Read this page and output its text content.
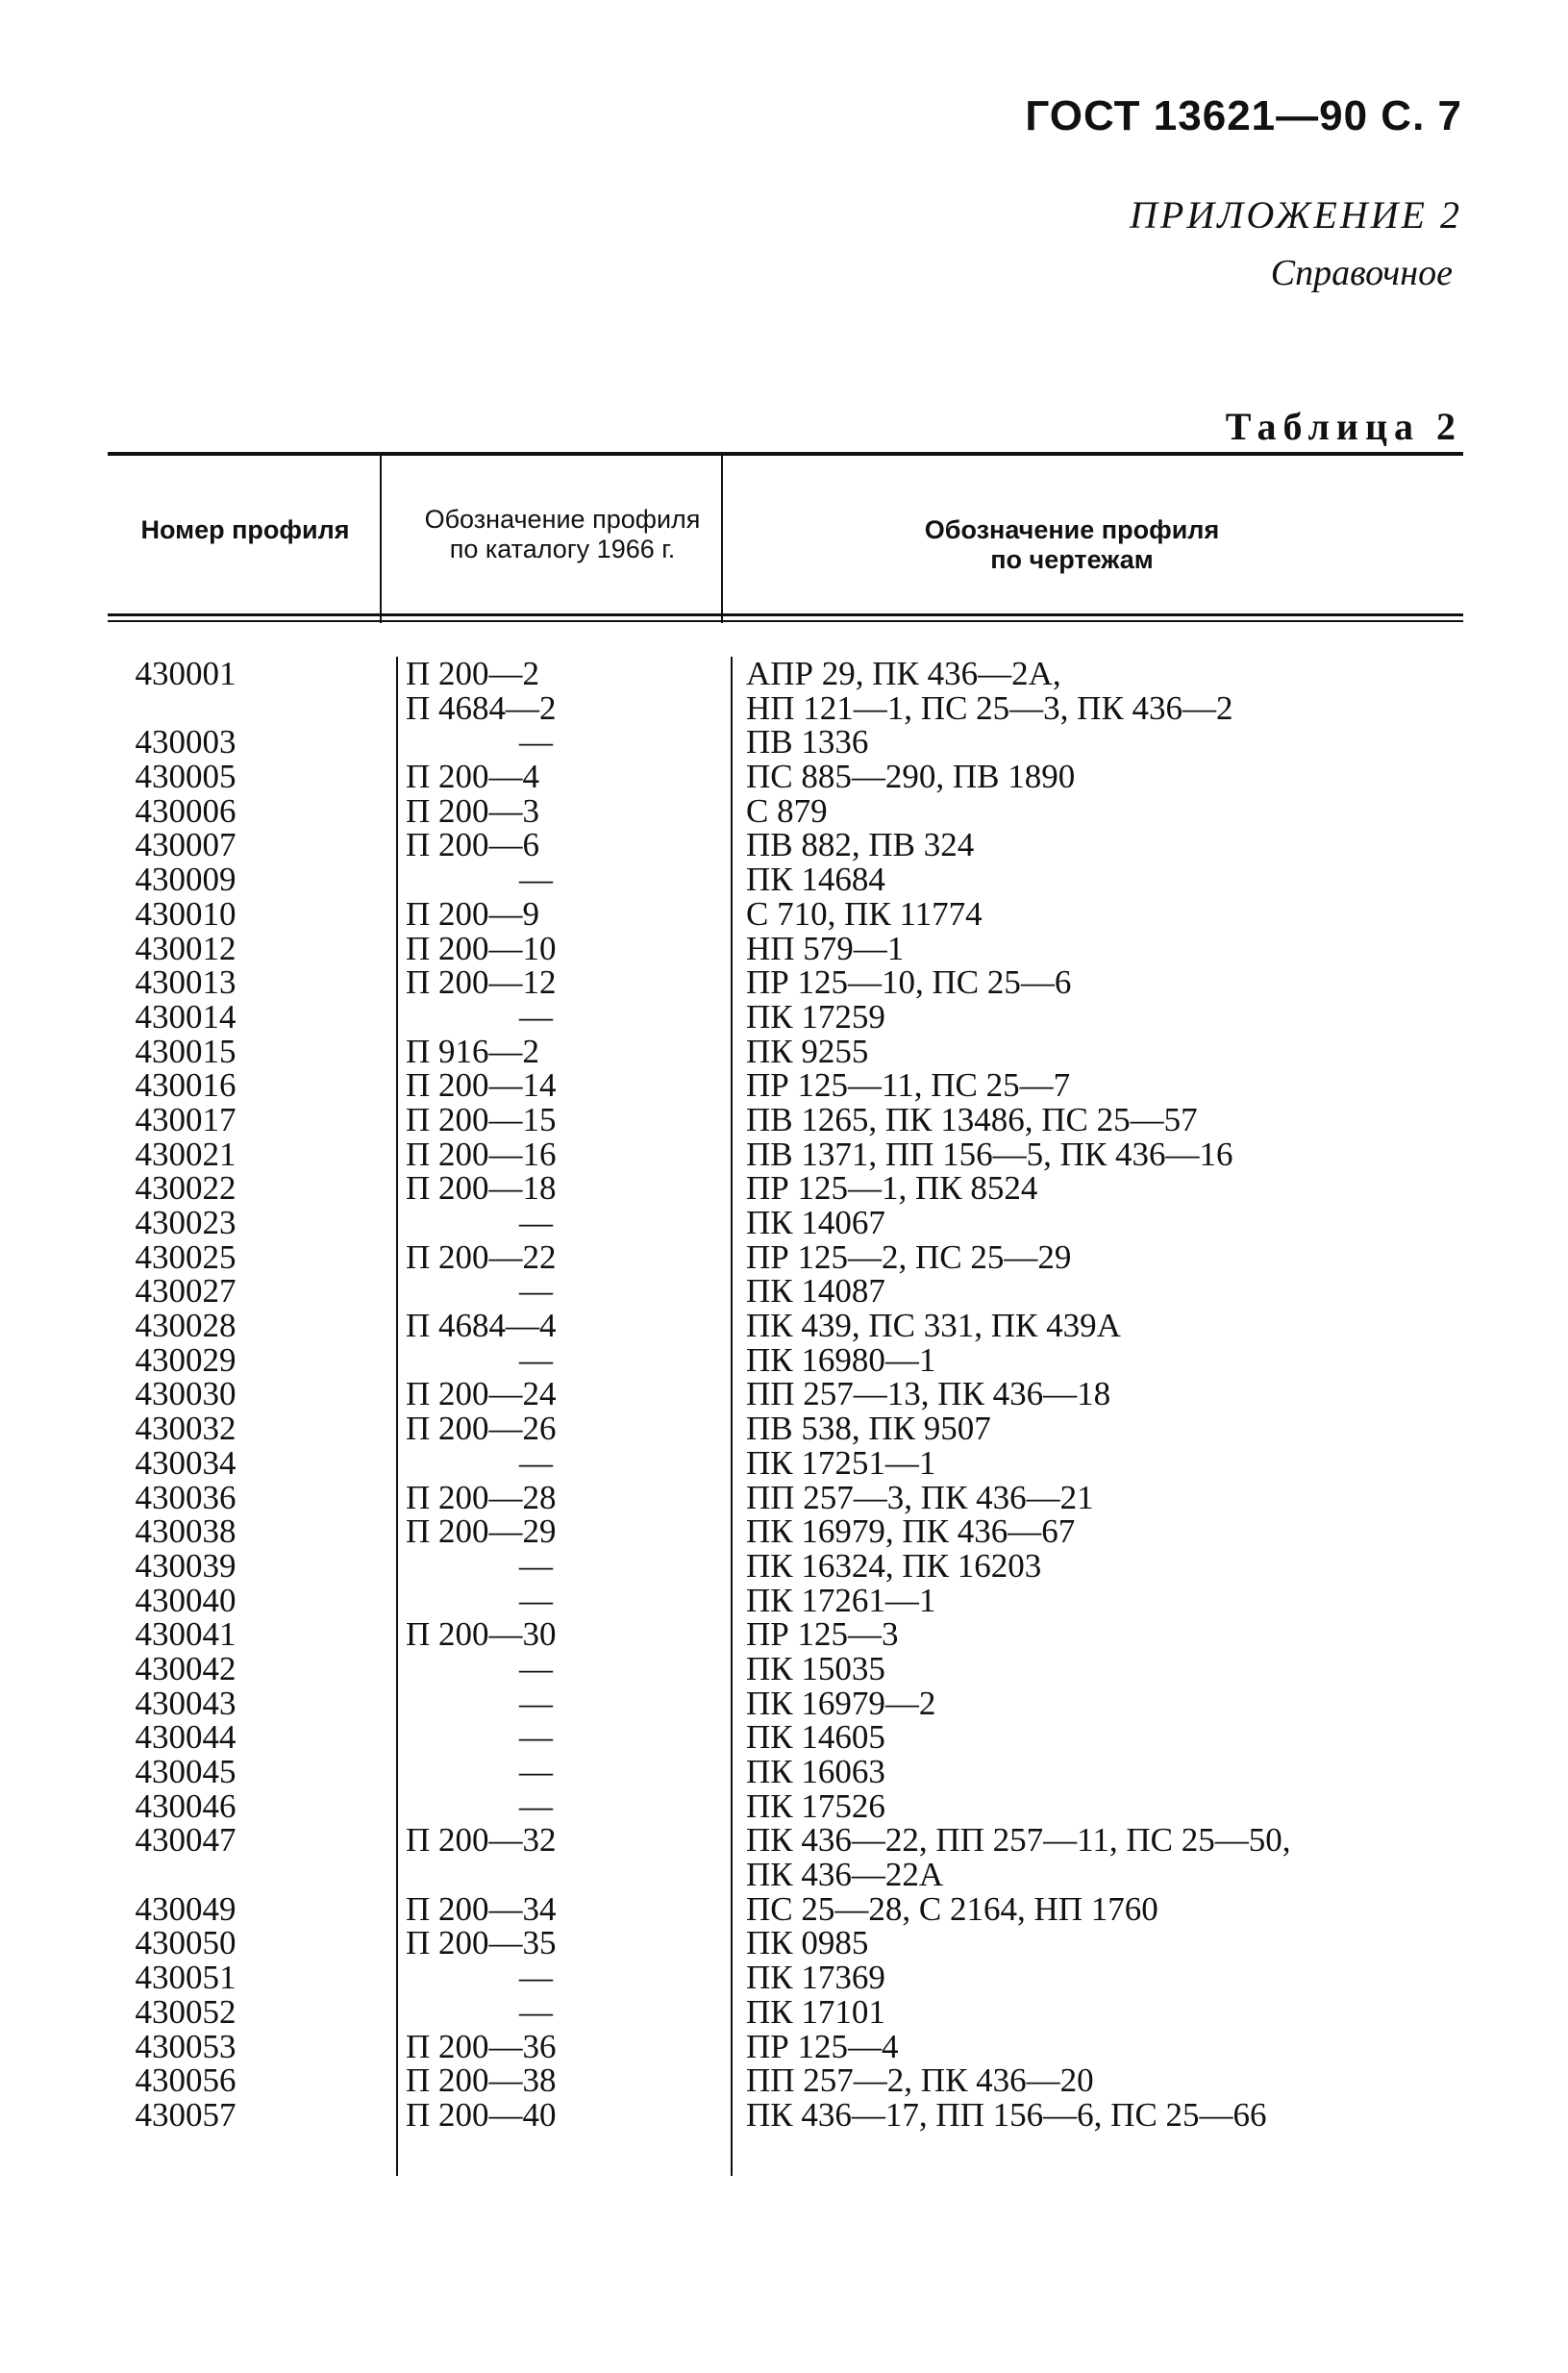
ГОСТ 13621—90 С. 7
ПРИЛОЖЕНИЕ 2
Справочное
Таблица 2
Номер профиля	Обозначение профиля по каталогу 1966 г.
Обозначение профиля по чертежам
430001	П 200—2	АПР 29, ПК 436—2А,
П 4684—2	НП 121—1, ПС 25—3, ПК 436—2
430003	—	ПВ 1336
430005	П 200—4	ПС 885—290, ПВ 1890
430006	П 200—3	С 879
430007	П 200—6	ПВ 882, ПВ 324
430009	—	ПК 14684
430010	П 200—9	С 710, ПК 11774
430012	П 200—10	НП 579—1
430013	П 200—12	ПР 125—10, ПС 25—6
430014	—	ПК 17259
430015	П 916—2	ПК 9255
430016	П 200—14	ПР 125—11, ПС 25—7
430017	П 200—15	ПВ 1265, ПК 13486, ПС 25—57
430021	П 200—16	ПВ 1371, ПП 156—5, ПК 436—16
430022	П 200—18	ПР 125—1, ПК 8524
430023	—	ПК 14067
430025	П 200—22	ПР 125—2, ПС 25—29
430027	—	ПК 14087
430028	П 4684—4	ПК 439, ПС 331, ПК 439А
430029	—	ПК 16980—1
430030	П 200—24	ПП 257—13, ПК 436—18
430032	П 200—26	ПВ 538, ПК 9507
430034	—	ПК 17251—1
430036	П 200—28	ПП 257—3, ПК 436—21
430038	П 200—29	ПК 16979, ПК 436—67
430039	—	ПК 16324, ПК 16203
430040	—	ПК 17261—1
430041	П 200—30	ПР 125—3
430042	—	ПК 15035
430043	—	ПК 16979—2
430044	—	ПК 14605
430045	—	ПК 16063
430046	—	ПК 17526
430047	П 200—32	ПК 436—22, ПП 257—11, ПС 25—50,
ПК 436—22А
430049	П 200—34	ПС 25—28, С 2164, НП 1760
430050	П 200—35	ПК 0985
430051	—	ПК 17369
430052	—	ПК 17101
430053	П 200—36	ПР 125—4
430056	П 200—38	ПП 257—2, ПК 436—20
430057	П 200—40	ПК 436—17, ПП 156—6, ПС 25—66
